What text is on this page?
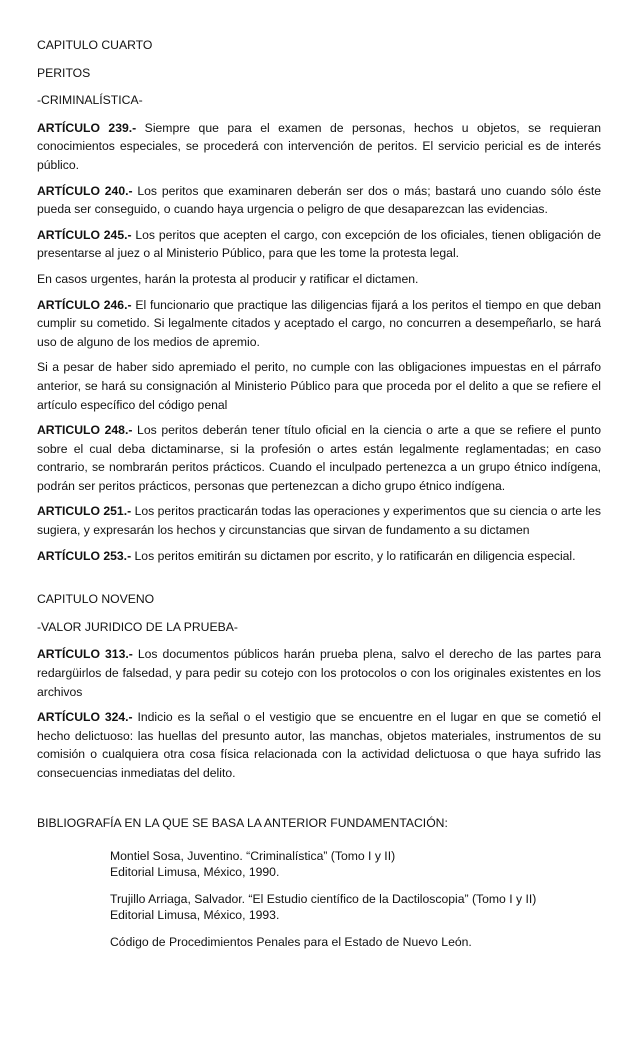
CAPITULO CUARTO

PERITOS

-CRIMINALÍSTICA-

ARTÍCULO 239.- Siempre que para el examen de personas, hechos u objetos, se requieran conocimientos especiales, se procederá con intervención de peritos. El servicio pericial es de interés público.

ARTÍCULO 240.- Los peritos que examinaren deberán ser dos o más; bastará uno cuando sólo éste pueda ser conseguido, o cuando haya urgencia o peligro de que desaparezcan las evidencias.

ARTÍCULO 245.- Los peritos que acepten el cargo, con excepción de los oficiales, tienen obligación de presentarse al juez o al Ministerio Público, para que les tome la protesta legal.

En casos urgentes, harán la protesta al producir y ratificar el dictamen.

ARTÍCULO 246.- El funcionario que practique las diligencias fijará a los peritos el tiempo en que deban cumplir su cometido. Si legalmente citados y aceptado el cargo, no concurren a desempeñarlo, se hará uso de alguno de los medios de apremio.

Si a pesar de haber sido apremiado el perito, no cumple con las obligaciones impuestas en el párrafo anterior, se hará su consignación al Ministerio Público para que proceda por el delito a que se refiere el artículo específico del código penal

ARTICULO 248.- Los peritos deberán tener título oficial en la ciencia o arte a que se refiere el punto sobre el cual deba dictaminarse, si la profesión o artes están legalmente reglamentadas; en caso contrario, se nombrarán peritos prácticos. Cuando el inculpado pertenezca a un grupo étnico indígena, podrán ser peritos prácticos, personas que pertenezcan a dicho grupo étnico indígena.

ARTICULO 251.- Los peritos practicarán todas las operaciones y experimentos que su ciencia o arte les sugiera, y expresarán los hechos y circunstancias que sirvan de fundamento a su dictamen

ARTÍCULO 253.- Los peritos emitirán su dictamen por escrito, y lo ratificarán en diligencia especial.

CAPITULO NOVENO

-VALOR JURIDICO DE LA PRUEBA-

ARTÍCULO 313.- Los documentos públicos harán prueba plena, salvo el derecho de las partes para redargüirlos de falsedad, y para pedir su cotejo con los protocolos o con los originales existentes en los archivos

ARTÍCULO 324.- Indicio es la señal o el vestigio que se encuentre en el lugar en que se cometió el hecho delictuoso: las huellas del presunto autor, las manchas, objetos materiales, instrumentos de su comisión o cualquiera otra cosa física relacionada con la actividad delictuosa o que haya sufrido las consecuencias inmediatas del delito.

BIBLIOGRAFÍA EN LA QUE SE BASA LA ANTERIOR FUNDAMENTACIÓN:

Montiel Sosa, Juventino. “Criminalística” (Tomo I y II)
Editorial Limusa, México, 1990.

Trujillo Arriaga, Salvador. “El Estudio científico de la Dactiloscopia” (Tomo I y II)
Editorial Limusa, México, 1993.

Código de Procedimientos Penales para el Estado de Nuevo León.
